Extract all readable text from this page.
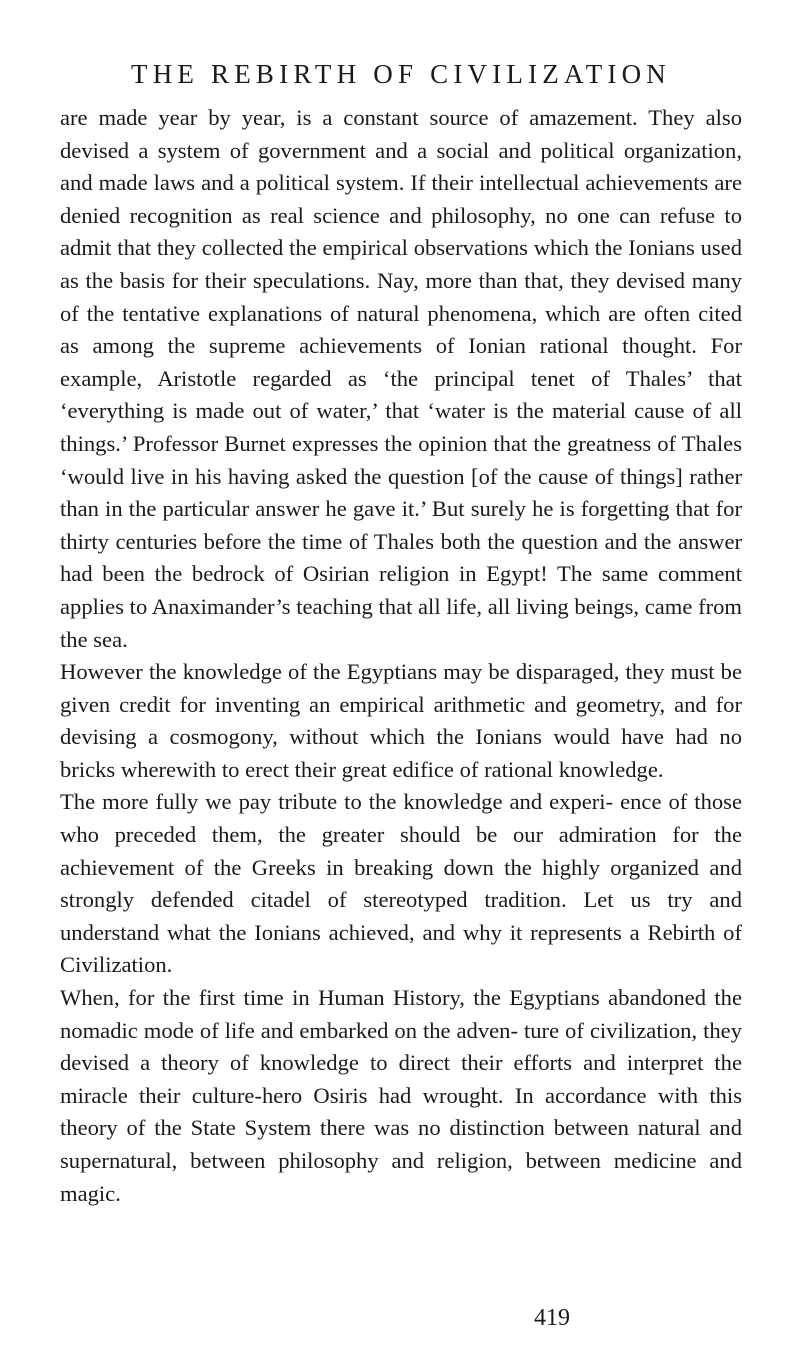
THE REBIRTH OF CIVILIZATION

are made year by year, is a constant source of amazement. They also devised a system of government and a social and political organization, and made laws and a political system. If their intellectual achievements are denied recognition as real science and philosophy, no one can refuse to admit that they collected the empirical observations which the Ionians used as the basis for their speculations. Nay, more than that, they devised many of the tentative explanations of natural phenomena, which are often cited as among the supreme achievements of Ionian rational thought. For example, Aristotle regarded as ‘the principal tenet of Thales’ that ‘everything is made out of water,’ that ‘water is the material cause of all things.’ Professor Burnet expresses the opinion that the greatness of Thales ‘would live in his having asked the question [of the cause of things] rather than in the particular answer he gave it.’ But surely he is forgetting that for thirty centuries before the time of Thales both the question and the answer had been the bedrock of Osirian religion in Egypt! The same comment applies to Anaximander’s teaching that all life, all living beings, came from the sea.

However the knowledge of the Egyptians may be disparaged, they must be given credit for inventing an empirical arithmetic and geometry, and for devising a cosmogony, without which the Ionians would have had no bricks wherewith to erect their great edifice of rational knowledge.

The more fully we pay tribute to the knowledge and experi- ence of those who preceded them, the greater should be our admiration for the achievement of the Greeks in breaking down the highly organized and strongly defended citadel of stereotyped tradition. Let us try and understand what the Ionians achieved, and why it represents a Rebirth of Civilization.

When, for the first time in Human History, the Egyptians abandoned the nomadic mode of life and embarked on the adven- ture of civilization, they devised a theory of knowledge to direct their efforts and interpret the miracle their culture-hero Osiris had wrought. In accordance with this theory of the State System there was no distinction between natural and supernatural, between philosophy and religion, between medicine and magic.

419
